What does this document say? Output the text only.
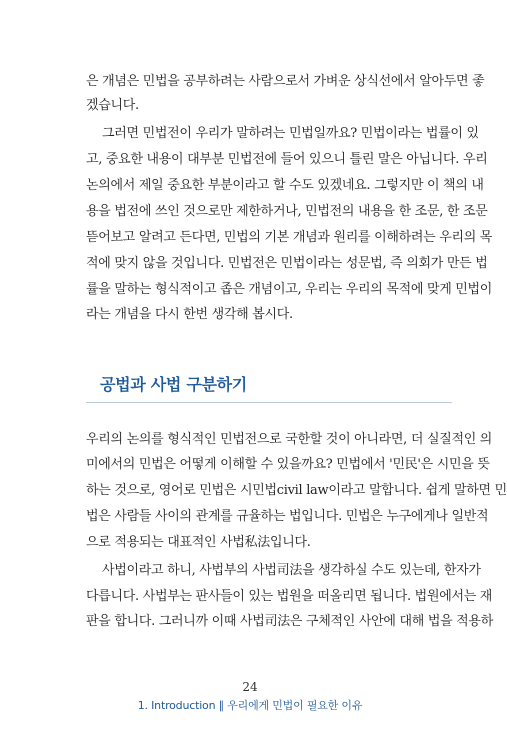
은 개념은 민법을 공부하려는 사람으로서 가벼운 상식선에서 알아두면 좋
겠습니다.
그러면 민법전이 우리가 말하려는 민법일까요? 민법이라는 법률이 있
고, 중요한 내용이 대부분 민법전에 들어 있으니 틀린 말은 아닙니다. 우리
논의에서 제일 중요한 부분이라고 할 수도 있겠네요. 그렇지만 이 책의 내
용을 법전에 쓰인 것으로만 제한하거나, 민법전의 내용을 한 조문, 한 조문
뜯어보고 알려고 든다면, 민법의 기본 개념과 원리를 이해하려는 우리의 목
적에 맞지 않을 것입니다. 민법전은 민법이라는 성문법, 즉 의회가 만든 법
률을 말하는 형식적이고 좁은 개념이고, 우리는 우리의 목적에 맞게 민법이
라는 개념을 다시 한번 생각해 봅시다.
공법과 사법 구분하기
우리의 논의를 형식적인 민법전으로 국한할 것이 아니라면, 더 실질적인 의
미에서의 민법은 어떻게 이해할 수 있을까요? 민법에서 '민民'은 시민을 뜻
하는 것으로, 영어로 민법은 시민법civil law이라고 말합니다. 쉽게 말하면 민
법은 사람들 사이의 관계를 규율하는 법입니다. 민법은 누구에게나 일반적
으로 적용되는 대표적인 사법私法입니다.
사법이라고 하니, 사법부의 사법司法을 생각하실 수도 있는데, 한자가
다릅니다. 사법부는 판사들이 있는 법원을 떠올리면 됩니다. 법원에서는 재
판을 합니다. 그러니까 이때 사법司法은 구체적인 사안에 대해 법을 적용하
24
1. Introduction ∥ 우리에게 민법이 필요한 이유
